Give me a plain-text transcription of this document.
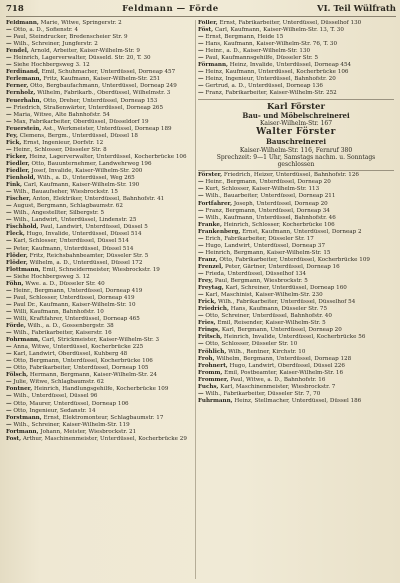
718	Feldmann — Förde	VI. Teil Wülfrath

Feldmann, Marie, Witwe, Springerstr. 2

— Otto, a. D., Sofienstr. 4

— Paul, Steindrucker, Bredenscheier Str. 9

— Wilh., Schreiner, Jungferstr. 2

Fendel, Arnold, Arbeiter, Kaiser-Wilhelm-Str. 9

— Heinrich, Lagerverwalter, Düsseld. Str. 20, T. 30

— Siehe Hochbergsweg 3. 12

Ferdinand, Emil, Schuhmacher, Unterdüssel, Dorneap 457

Ferlemann, Fritz, Kaufmann, Kaiser-Wilhelm-Str. 251

Ferner, Otto, Bergbaufachmann, Unterdüssel, Dorneap 249

Fernholz, Wilhelm, Fabrikarb., Oberdüssel, Wilhelmstr. 3

Feuerhahn, Otto, Dreher, Unterdüssel, Dorneap 153

— Friedrich, Straßenwärter, Unterdüssel, Dorneap 265

— Maria, Witwe, Alte Bahnhofstr. 54

— Max, Fabrikarbeiter, Oberdüssel, Düsseldorf 19

Feuerstein, Ast., Werkmeister, Unterdüssel, Dorneap 189

Fey, Clemens, Bergm., Unterdüssel, Düssel 18

Fick, Ernst, Ingenieur, Dorfstr. 12

— Heinr., Schlosser, Düsseler Str. 8

Ficker, Heinz, Lagerverwalter, Unterdüssel, Kocherbrücke 106

Fiedler, Otto, Bauunternehmer, Landwehrweg 196

Fiedler, Josef, Invalide, Kaiser-Wilhelm-Str. 200

Fienhold, Wilh., a. D., Unterdüssel, Weg 265

Fink, Carl, Kaufmann, Kaiser-Wilhelm-Str. 190

— Wilh., Bauaufseher, Wiesbrockstr. 15

Fischer, Anton, Elektriker, Unterdüssel, Bahnhofstr. 41

— August, Bergmann, Schlagbaumstr. 62

— Wilh., Angestellter, Silbergstr. 5

— Wilh., Landwirt, Unterdüssel, Lindenstr. 25

Fischhold, Paul, Landwirt, Unterdüssel, Düssel 5

Fleck, Hugo, Invalide, Unterdüssel, Düssel 514

— Karl, Schlosser, Unterdüssel, Düssel 514

— Peter, Kaufmann, Unterdüssel, Düssel 514

Flöder, Fritz, Reichsbahnbeamter, Düsseler Str. 5

Flöder, Wilhelm, a. D., Unterdüssel, Düssel 172

Flottmann, Emil, Schneidermeister, Wiesbrockstr. 19

— Siehe Hochbergsweg 3. 12

Föhn, Wwe. a. D., Düsseler Str. 40

— Heinr., Bergmann, Unterdüssel, Dorneap 419

— Paul, Schlosser, Unterdüssel, Dorneap 419

— Paul Dr., Kaufmann, Kaiser-Wilhelm-Str. 10

— Willi, Kaufmann, Bahnhofstr. 10

— Willi, Kraftfahrer, Unterdüssel, Dorneap 465

Förde, Wilh., a. D., Gossenbergstr. 38

— Wilh., Fabrikarbeiter, Kaiserstr. 16

Fohrmann, Carl, Strickmeister, Kaiser-Wilhelm-Str. 3

— Anna, Witwe, Unterdüssel, Kocherbrücke 225

— Karl, Landwirt, Oberdüssel, Kuhberg 48

— Otto, Bergmann, Unterdüssel, Kocherbrücke 106

— Otto, Fabrikarbeiter, Unterdüssel, Dorneap 105

Fölsch, Hermann, Bergmann, Kaiser-Wilhelm-Str. 24

— Julie, Witwe, Schlagbaumstr. 62

Fontner, Heinrich, Handlungsgehilfe, Kocherbrücke 109

— Wilh., Unterdüssel, Düssel 96

— Otto, Maurer, Unterdüssel, Dorneap 106

— Otto, Ingenieur, Sedanstr. 14

Forstmann, Ernst, Elektromonteur, Schlagbaumstr. 17

— Wilh., Schreiner, Kaiser-Wilhelm-Str. 119

Fortmann, Johann, Meister, Wiesbrockstr. 21

Fost, Arthur, Maschinenmeister, Unterdüssel, Kocherbrücke 29

Föller, Ernst, Fabrikarbeiter, Unterdüssel, Düsselhof 130

Föst, Carl, Kaufmann, Kaiser-Wilhelm-Str. 13, T. 30

— Ernst, Bergmann, Heide 15

— Hans, Kaufmann, Kaiser-Wilhelm-Str. 76, T. 30

— Heinr., a. D., Kaiser-Wilhelm-Str. 130

— Paul, Kaufmannsgehilfe, Düsseler Str. 5

Förmann, Heinz, Invalide, Unterdüssel, Dorneap 454

— Heinz, Kaufmann, Unterdüssel, Kocherbrücke 106

— Heinz, Ingenieur, Unterdüssel, Bahnhofstr. 20

— Gertrud, a. D., Unterdüssel, Dorneap 136

— Franz, Fabrikarbeiter, Kaiser-Wilhelm-Str. 252

Karl Förster
Bau- und Möbelschreinerei
Kaiser-Wilhelm-Str. 167
Walter Förster
Bauschreinerei
Kaiser-Wilhelm-Str. 116, Fernruf 380
Sprechzeit: 9—1 Uhr, Samstags nachm. u. Sonntags geschlossen

Förster, Friedrich, Heizer, Unterdüssel, Bahnhofstr. 126

— Heinr., Bergmann, Unterdüssel, Dorneap 20

— Kurt, Schlosser, Kaiser-Wilhelm-Str. 113

— Wilh., Bauarbeiter, Unterdüssel, Dorneap 211

Fortfahrer, Joseph, Unterdüssel, Dorneap 20

— Franz, Bergmann, Unterdüssel, Dorneap 34

— Wilh., Kaufmann, Unterdüssel, Bahnhofstr. 46

Franke, Heinrich, Schlosser, Kocherbrücke 106

Frankenberg, Ernst, Kaufmann, Unterdüssel, Dorneap 2

— Erich, Fabrikarbeiter, Düsseler Str. 17

— Hugo, Landwirt, Unterdüssel, Dorneap 37

— Heinrich, Bergmann, Kaiser-Wilhelm-Str. 15

Franz, Otto, Fabrikarbeiter, Unterdüssel, Kocherbrücke 109

Frenzel, Peter, Gärtner, Unterdüssel, Dorneap 16

— Frieda, Unterdüssel, Düsselhof 134

Frey, Paul, Bergmann, Wiesbrockstr. 5

Freytag, Karl, Schreiner, Unterdüssel, Dorneap 160

— Karl, Maschinist, Kaiser-Wilhelm-Str. 230

Frick, Wilh., Fabrikarbeiter, Unterdüssel, Düsselhof 54

Friedrich, Hans, Kaufmann, Düsseler Str. 75

— Otto, Schreiner, Unterdüssel, Bahnhofstr. 40

Fries, Emil, Reisender, Kaiser-Wilhelm-Str. 5

Frings, Karl, Bergmann, Unterdüssel, Dorneap 20

Fritsch, Heinrich, Invalide, Unterdüssel, Kocherbrücke 56

— Otto, Schlosser, Düsseler Str. 10

Fröhlich, Wilh., Rentner, Kirchstr. 10

Froh, Wilhelm, Bergmann, Unterdüssel, Dorneap 128

Frohnert, Hugo, Landwirt, Oberdüssel, Düssel 226

Fromm, Emil, Postbeamter, Kaiser-Wilhelm-Str. 16

Frommer, Paul, Witwe, a. D., Bahnhofstr. 16

Fuchs, Karl, Maschinenmeister, Wiesbrockstr. 7

— Wilh., Fabrikarbeiter, Düsseler Str. 7, 70

Fuhrmann, Heinz, Stellmacher, Unterdüssel, Düssel 186
